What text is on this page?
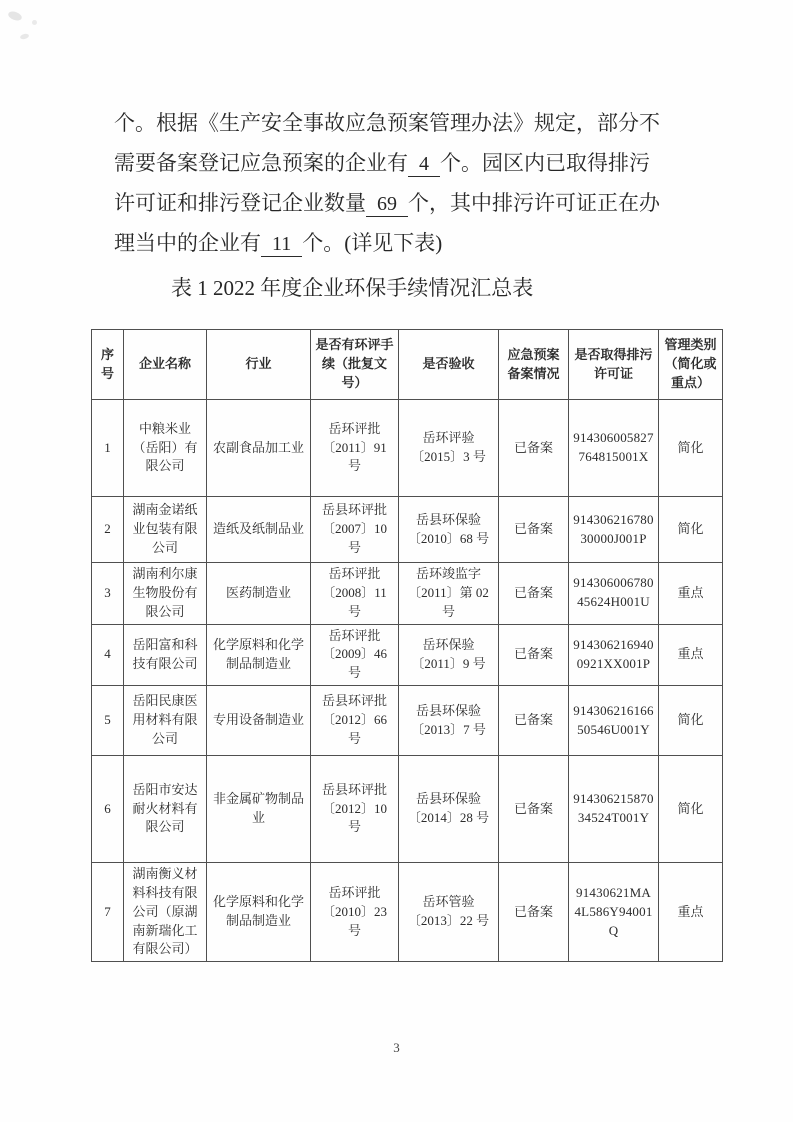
个。根据《生产安全事故应急预案管理办法》规定，部分不
需要备案登记应急预案的企业有 4 个。园区内已取得排污
许可证和排污登记企业数量 69 个，其中排污许可证正在办
理当中的企业有 11 个。(详见下表)
表 1 2022 年度企业环保手续情况汇总表
序号	企业名称	行业	是否有环评手续（批复文号）	是否验收	应急预案备案情况	是否取得排污许可证	管理类别（简化或重点）
1	中粮米业（岳阳）有限公司	农副食品加工业	岳环评批〔2011〕91 号	岳环评验〔2015〕3 号	已备案	914306005827764815001X	简化
2	湖南金诺纸业包装有限公司	造纸及纸制品业	岳县环评批〔2007〕10 号	岳县环保验〔2010〕68 号	已备案	91430621678030000J001P	简化
3	湖南利尔康生物股份有限公司	医药制造业	岳环评批〔2008〕11 号	岳环竣监字〔2011〕第 02 号	已备案	91430600678045624H001U	重点
4	岳阳富和科技有限公司	化学原料和化学制品制造业	岳环评批〔2009〕46 号	岳环保验〔2011〕9 号	已备案	9143062169400921XX001P	重点
5	岳阳民康医用材料有限公司	专用设备制造业	岳县环评批〔2012〕66 号	岳县环保验〔2013〕7 号	已备案	91430621616650546U001Y	简化
6	岳阳市安达耐火材料有限公司	非金属矿物制品业	岳县环评批〔2012〕10 号	岳县环保验〔2014〕28 号	已备案	91430621587034524T001Y	简化
7	湖南衡义材料科技有限公司（原湖南新瑞化工有限公司）	化学原料和化学制品制造业	岳环评批〔2010〕23 号	岳环管验〔2013〕22 号	已备案	91430621MA4L586Y94001Q	重点
3
